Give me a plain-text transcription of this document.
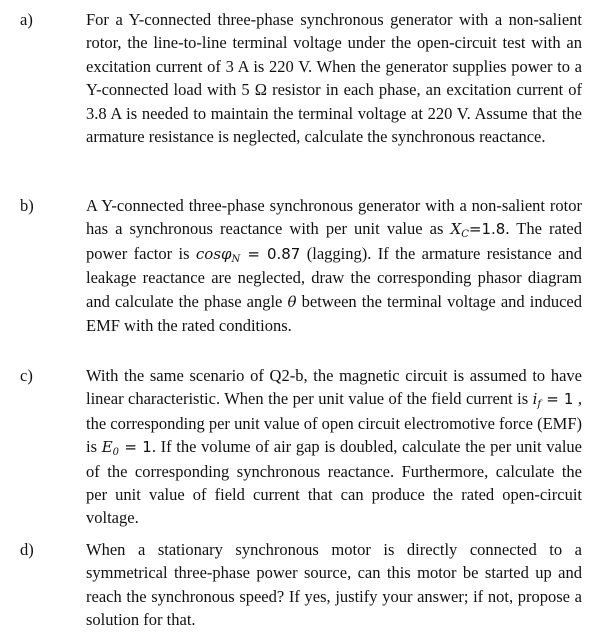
a)	For a Y-connected three-phase synchronous generator with a non-salient rotor, the line-to-line terminal voltage under the open-circuit test with an excitation current of 3 A is 220 V. When the generator supplies power to a Y-connected load with 5 Ω resistor in each phase, an excitation current of 3.8 A is needed to maintain the terminal voltage at 220 V. Assume that the armature resistance is neglected, calculate the synchronous reactance.
b)	A Y-connected three-phase synchronous generator with a non-salient rotor has a synchronous reactance with per unit value as $X_C=1.8$. The rated power factor is cosφ$_N$ = 0.87 (lagging). If the armature resistance and leakage reactance are neglected, draw the corresponding phasor diagram and calculate the phase angle θ between the terminal voltage and induced EMF with the rated conditions.
c)	With the same scenario of Q2-b, the magnetic circuit is assumed to have linear characteristic. When the per unit value of the field current is $i_f = 1$ , the corresponding per unit value of open circuit electromotive force (EMF) is $E_0 = 1$. If the volume of air gap is doubled, calculate the per unit value of the corresponding synchronous reactance. Furthermore, calculate the per unit value of field current that can produce the rated open-circuit voltage.
d)	When a stationary synchronous motor is directly connected to a symmetrical three-phase power source, can this motor be started up and reach the synchronous speed? If yes, justify your answer; if not, propose a solution for that.
